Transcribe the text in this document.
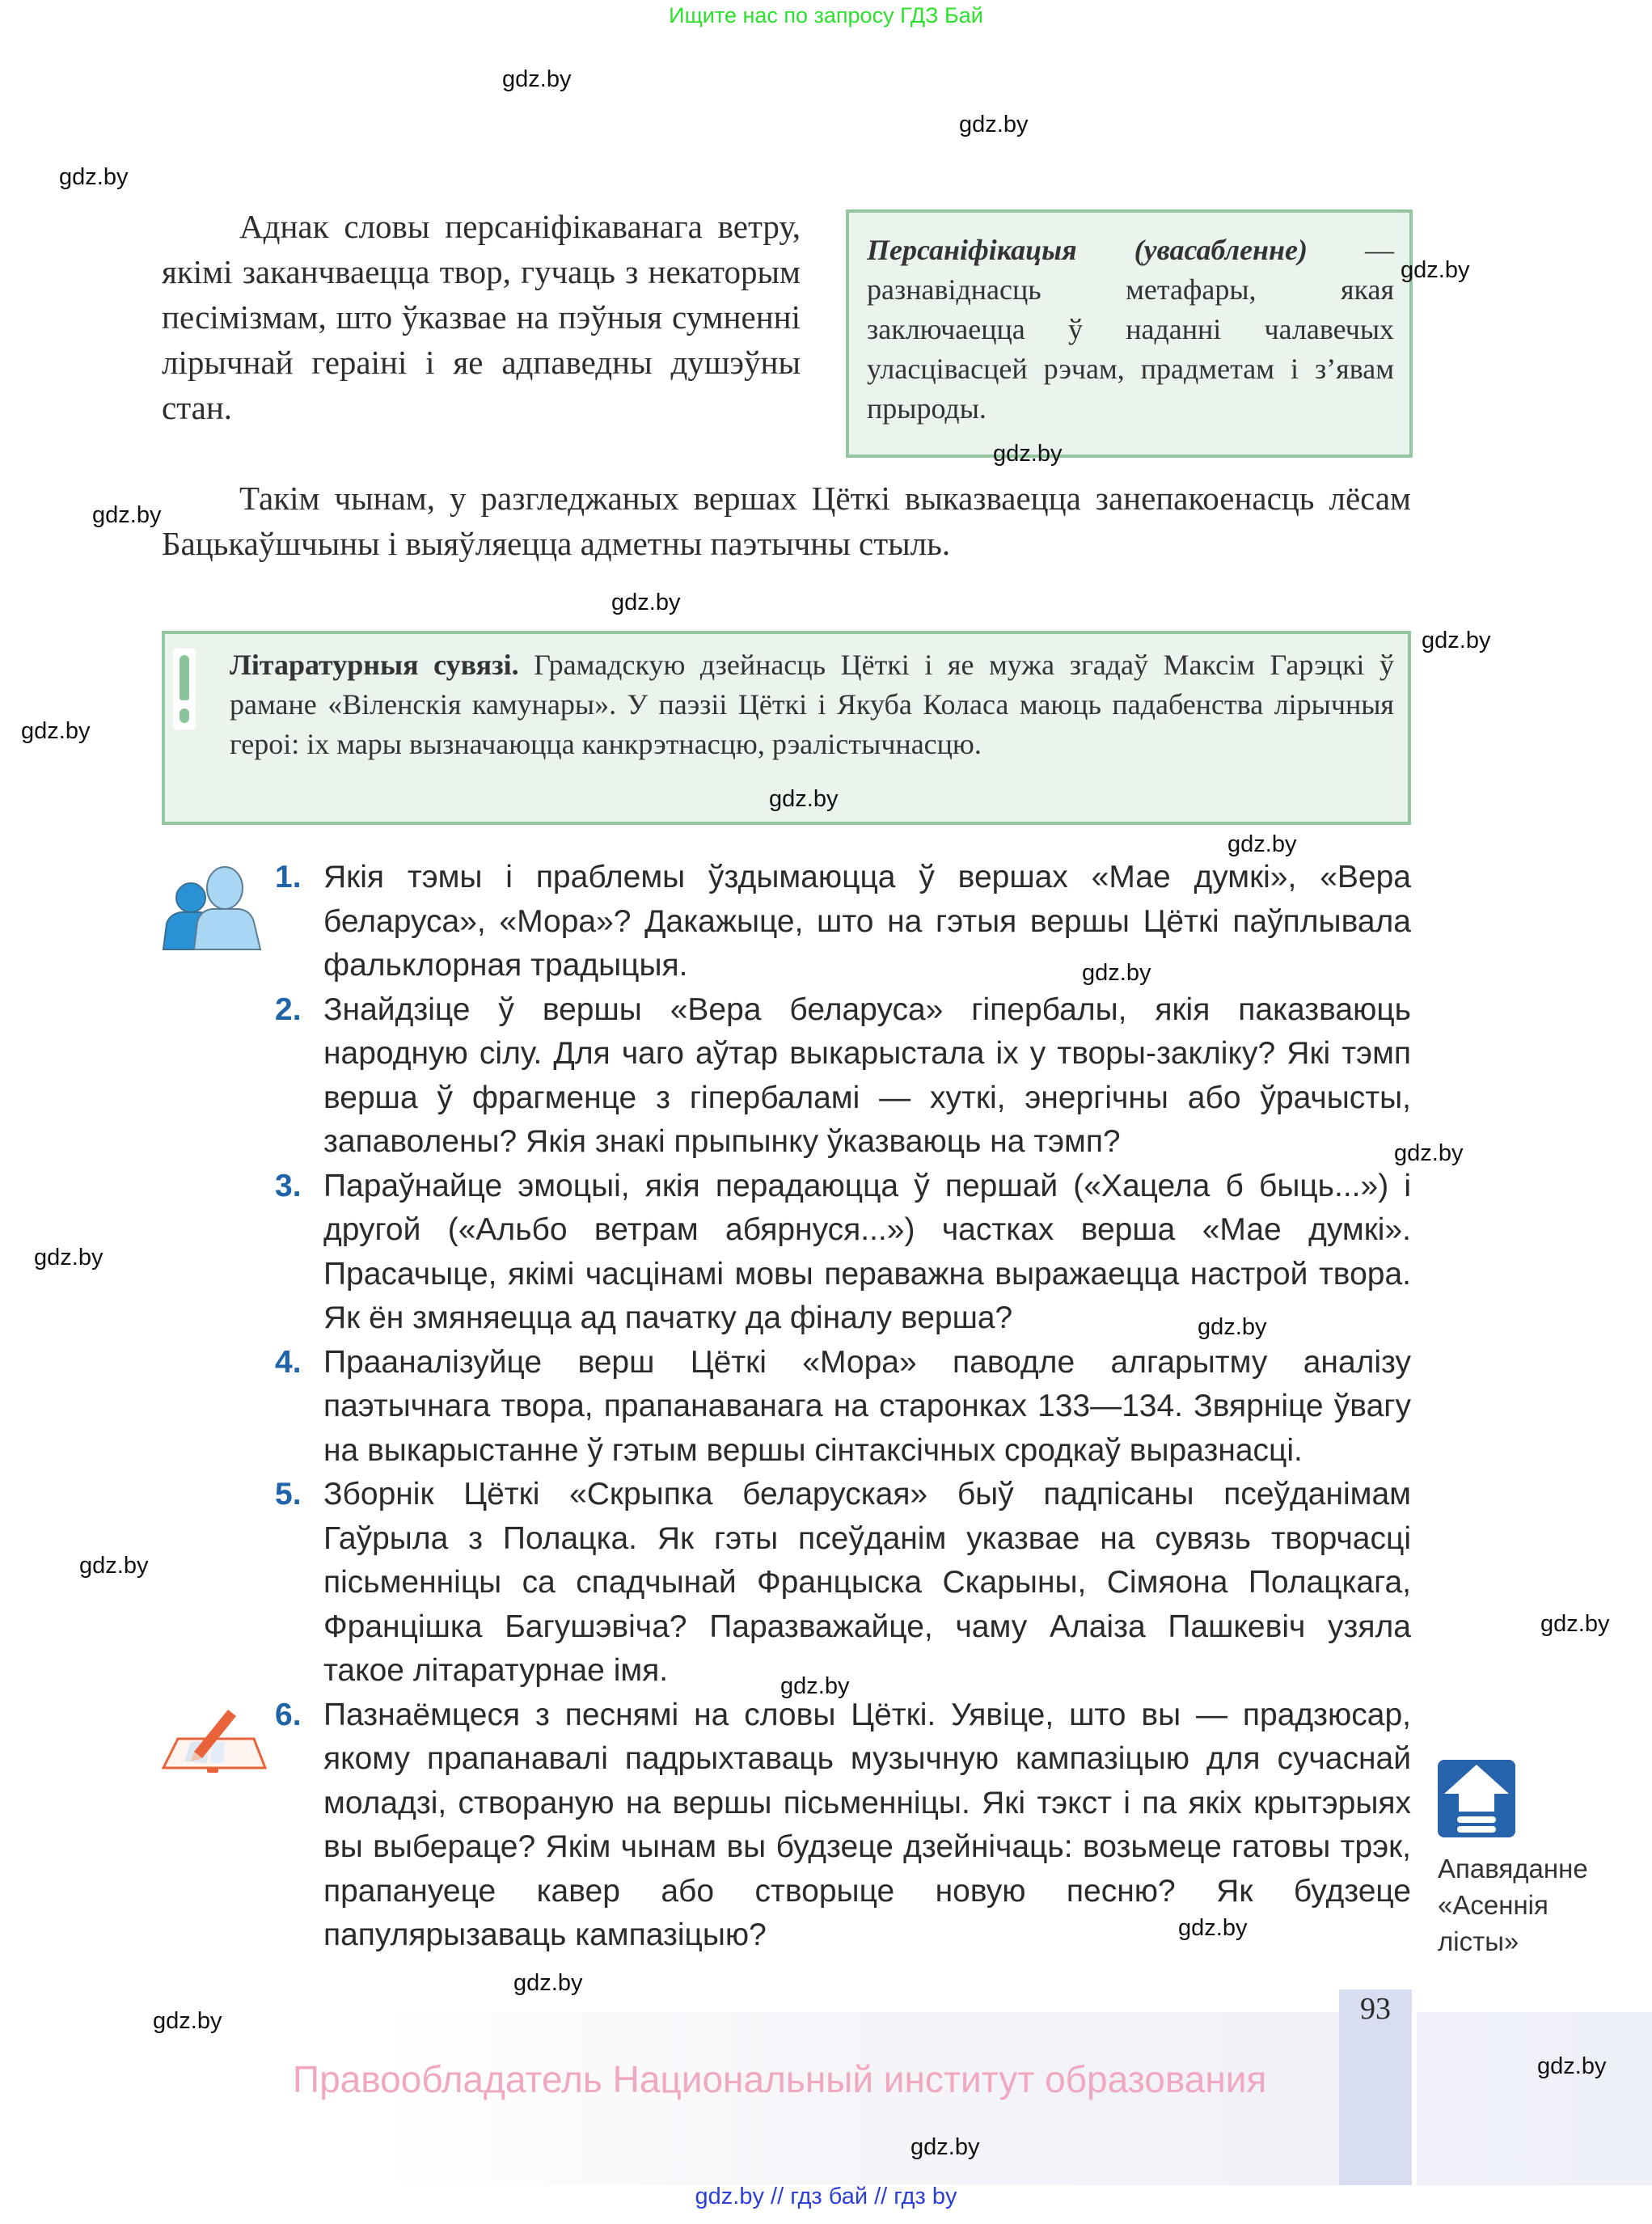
Ищите нас по запросу ГДЗ Бай
Аднак словы персаніфікаванага ветру, якімі заканчваецца твор, гучаць з некаторым песімізмам, што ўказвае на пэўныя сумненні лірычнай гераіні і яе адпаведны душэўны стан.
Персаніфікацыя (увасабленне) — разнавіднасць метафары, якая заключаецца ў наданні чалавечых уласцівасцей рэчам, прадметам і з’явам прыроды.
Такім чынам, у разгледжаных вершах Цёткі выказваецца занепакоенасць лёсам Бацькаўшчыны і выяўляецца адметны паэтычны стыль.
Літаратурныя сувязі. Грамадскую дзейнасць Цёткі і яе мужа згадаў Максім Гарэцкі ў рамане «Віленскія камунары». У паэзіі Цёткі і Якуба Коласа маюць падабенства лірычныя героі: іх мары вызначаюцца канкрэтнасцю, рэалістычнасцю.
1. Якія тэмы і праблемы ўздымаюцца ў вершах «Мае думкі», «Вера беларуса», «Мора»? Дакажыце, што на гэтыя вершы Цёткі паўплывала фальклорная традыцыя.
2. Знайдзіце ў вершы «Вера беларуса» гіпербалы, якія паказваюць народную сілу. Для чаго аўтар выкарыстала іх у творы-закліку? Які тэмп верша ў фрагменце з гіпербаламі — хуткі, энергічны або ўрачысты, запаволены? Якія знакі прыпынку ўказваюць на тэмп?
3. Параўнайце эмоцыі, якія перадаюцца ў першай («Хацела б быць...») і другой («Альбо ветрам абярнуся...») частках верша «Мае думкі». Прасачыце, якімі часцінамі мовы пераважна выражаецца настрой твора. Як ён змяняецца ад пачатку да фіналу верша?
4. Прааналізуйце верш Цёткі «Мора» паводле алгарытму аналізу паэтычнага твора, прапанаванага на старонках 133—134. Звярніце ўвагу на выкарыстанне ў гэтым вершы сінтаксічных сродкаў выразнасці.
5. Зборнік Цёткі «Скрыпка беларуская» быў падпісаны псеўданімам Гаўрыла з Полацка. Як гэты псеўданім указвае на сувязь творчасці пісьменніцы са спадчынай Францыска Скарыны, Сімяона Полацкага, Францішка Багушэвіча? Паразважайце, чаму Алаіза Пашкевіч узяла такое літаратурнае імя.
6. Пазнаёмцеся з песнямі на словы Цёткі. Уявіце, што вы — прадзюсар, якому прапанавалі падрыхтаваць музычную кампазіцыю для сучаснай моладзі, створаную на вершы пісьменніцы. Які тэкст і па якіх крытэрыях вы выбераце? Якім чынам вы будзеце дзейнічаць: возьмеце гатовы трэк, прапануеце кавер або створыце новую песню? Як будзеце папулярызаваць кампазіцыю?
Апавяданне «Асеннія лісты»
93
Правообладатель Национальный институт образования
gdz.by // гдз бай // гдз by
gdz.by
gdz.by
gdz.by
gdz.by
gdz.by
gdz.by
gdz.by
gdz.by
gdz.by
gdz.by
gdz.by
gdz.by
gdz.by
gdz.by
gdz.by
gdz.by
gdz.by
gdz.by
gdz.by
gdz.by
gdz.by
gdz.by
gdz.by
